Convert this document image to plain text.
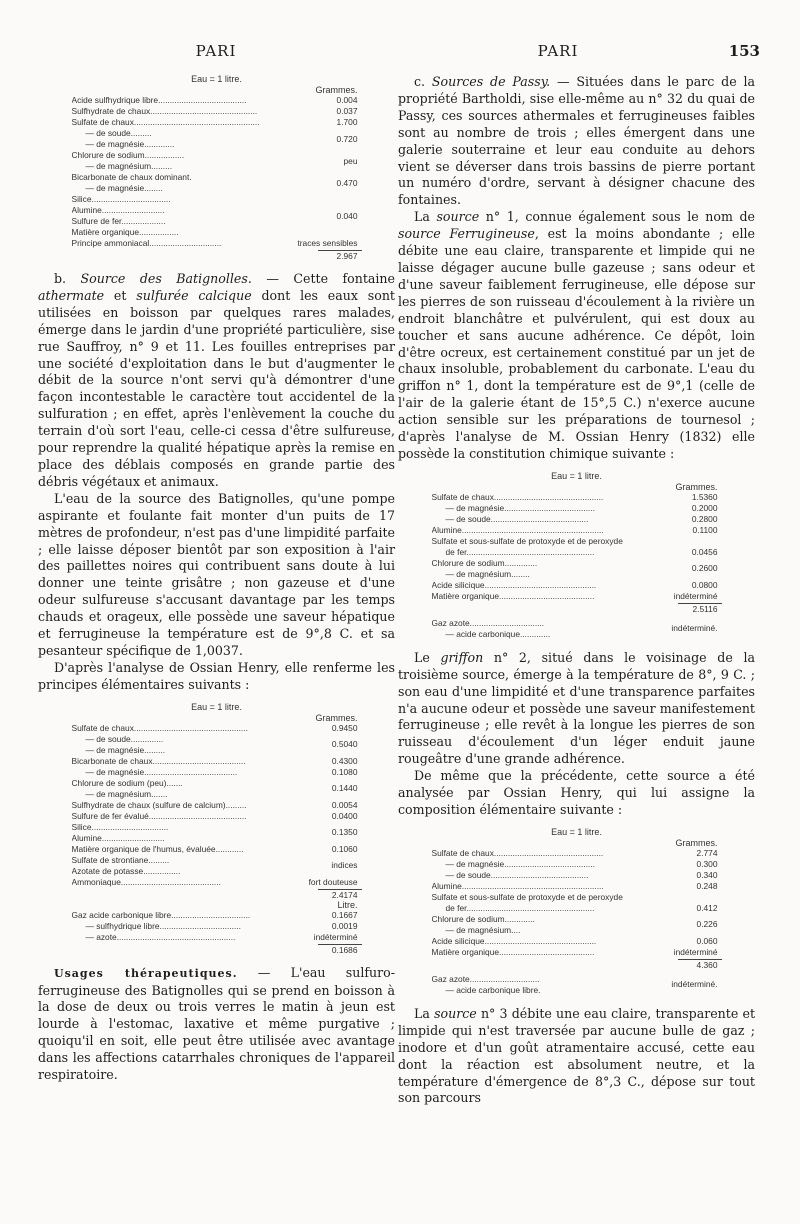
PARI	PARI	153
Eau = 1 litre.
Grammes.
Acide sulfhydrique libre......................................	0.004
Sulfhydrate de chaux..............................................	0.037
Sulfate de chaux......................................................	1.700
— de soude.........	0.720
— de magnésie.............	
Chlorure de sodium.................	peu
— de magnésium.........	
Bicarbonate de chaux dominant.	0.470
— de magnésie........	
Silice..................................	0.040
Alumine...........................	
Sulfure de fer...................	
Matière organique.................	
Principe ammoniacal...............................	traces sensibles
2.967

b. Source des Batignolles. — Cette fontaine athermate et sulfurée calcique dont les eaux sont utilisées en boisson par quelques rares malades, émerge dans le jardin d'une propriété particulière, sise rue Sauffroy, n° 9 et 11. Les fouilles entreprises par une société d'exploitation dans le but d'augmenter le débit de la source n'ont servi qu'à démontrer d'une façon incontestable le caractère tout accidentel de la sulfuration ; en effet, après l'enlèvement la couche du terrain d'où sort l'eau, celle-ci cessa d'être sulfureuse, pour reprendre la qualité hépatique après la remise en place des déblais composés en grande partie des débris végétaux et animaux.

L'eau de la source des Batignolles, qu'une pompe aspirante et foulante fait monter d'un puits de 17 mètres de profondeur, n'est pas d'une limpidité parfaite ; elle laisse déposer bientôt par son exposition à l'air des paillettes noires qui contribuent sans doute à lui donner une teinte grisâtre ; non gazeuse et d'une odeur sulfureuse s'accusant davantage par les temps chauds et orageux, elle possède une saveur hépatique et ferrugineuse la température est de 9°,8 C. et sa pesanteur spécifique de 1,0037.

D'après l'analyse de Ossian Henry, elle renferme les principes élémentaires suivants :

Eau = 1 litre.
Grammes.
Sulfate de chaux.................................................	0.9450
— de soude..............	0.5040
— de magnésie.........	
Bicarbonate de chaux........................................	0.4300
— de magnésie........................................	0.1080
Chlorure de sodium (peu).......	0.1440
— de magnésium.......	
Sulfhydrate de chaux (sulfure de calcium).........	0.0054
Sulfure de fer évalué..........................................	0.0400
Silice.................................	0.1350
Alumine...........................	
Matière organique de l'humus, évaluée............	0.1060
Sulfate de strontiane.........	indices
Azotate de potasse................	
Ammoniaque...........................................	fort douteuse
2.4174
Litre.
Gaz acide carbonique libre..................................	0.1667
— sulfhydrique libre...................................	0.0019
— azote...................................................	indéterminé
0.1686

Usages thérapeutiques. — L'eau sulfuro-ferrugineuse des Batignolles qui se prend en boisson à la dose de deux ou trois verres le matin à jeun est lourde à l'estomac, laxative et même purgative ; quoiqu'il en soit, elle peut être utilisée avec avantage dans les affections catarrhales chroniques de l'appareil respiratoire.

c. Sources de Passy. — Situées dans le parc de la propriété Bartholdi, sise elle-même au n° 32 du quai de Passy, ces sources athermales et ferrugineuses faibles sont au nombre de trois ; elles émergent dans une galerie souterraine et leur eau conduite au dehors vient se déverser dans trois bassins de pierre portant un numéro d'ordre, servant à désigner chacune des fontaines.

La source n° 1, connue également sous le nom de source Ferrugineuse, est la moins abondante ; elle débite une eau claire, transparente et limpide qui ne laisse dégager aucune bulle gazeuse ; sans odeur et d'une saveur faiblement ferrugineuse, elle dépose sur les pierres de son ruisseau d'écoulement à la rivière un endroit blanchâtre et pulvérulent, qui est doux au toucher et sans aucune adhérence. Ce dépôt, loin d'être ocreux, est certainement constitué par un jet de chaux insoluble, probablement du carbonate. L'eau du griffon n° 1, dont la température est de 9°,1 (celle de l'air de la galerie étant de 15°,5 C.) n'exerce aucune action sensible sur les préparations de tournesol ; d'après l'analyse de M. Ossian Henry (1832) elle possède la constitution chimique suivante :

Eau = 1 litre.
Grammes.
Sulfate de chaux...............................................	1.5360
— de magnésie.......................................	0.2000
— de soude..........................................	0.2800
Alumine.............................................................	0.1100
Sulfate et sous-sulfate de protoxyde et de peroxyde	
de fer.......................................................	0.0456
Chlorure de sodium..............	0.2600
— de magnésium........	
Acide silicique................................................	0.0800
Matière organique.........................................	indéterminé
2.5116
Gaz azote................................	indéterminé.
— acide carbonique.............

Le griffon n° 2, situé dans le voisinage de la troisième source, émerge à la température de 8°, 9 C. ; son eau d'une limpidité et d'une transparence parfaites n'a aucune odeur et possède une saveur manifestement ferrugineuse ; elle revêt à la longue les pierres de son ruisseau d'écoulement d'un léger enduit jaune rougeâtre d'une grande adhérence.

De même que la précédente, cette source a été analysée par Ossian Henry, qui lui assigne la composition élémentaire suivante :

Eau = 1 litre.
Grammes.
Sulfate de chaux...............................................	2.774
— de magnésie.......................................	0.300
— de soude..........................................	0.340
Alumine.............................................................	0.248
Sulfate et sous-sulfate de protoxyde et de peroxyde	
de fer.......................................................	0.412
Chlorure de sodium.............	0.226
— de magnésium....	
Acide silicique................................................	0.060
Matière organique.........................................	indéterminé
4.360
Gaz azote..............................	indéterminé.
— acide carbonique libre.

La source n° 3 débite une eau claire, transparente et limpide qui n'est traversée par aucune bulle de gaz ; inodore et d'un goût atramentaire accusé, cette eau dont la réaction est absolument neutre, et la température d'émergence de 8°,3 C., dépose sur tout son parcours
